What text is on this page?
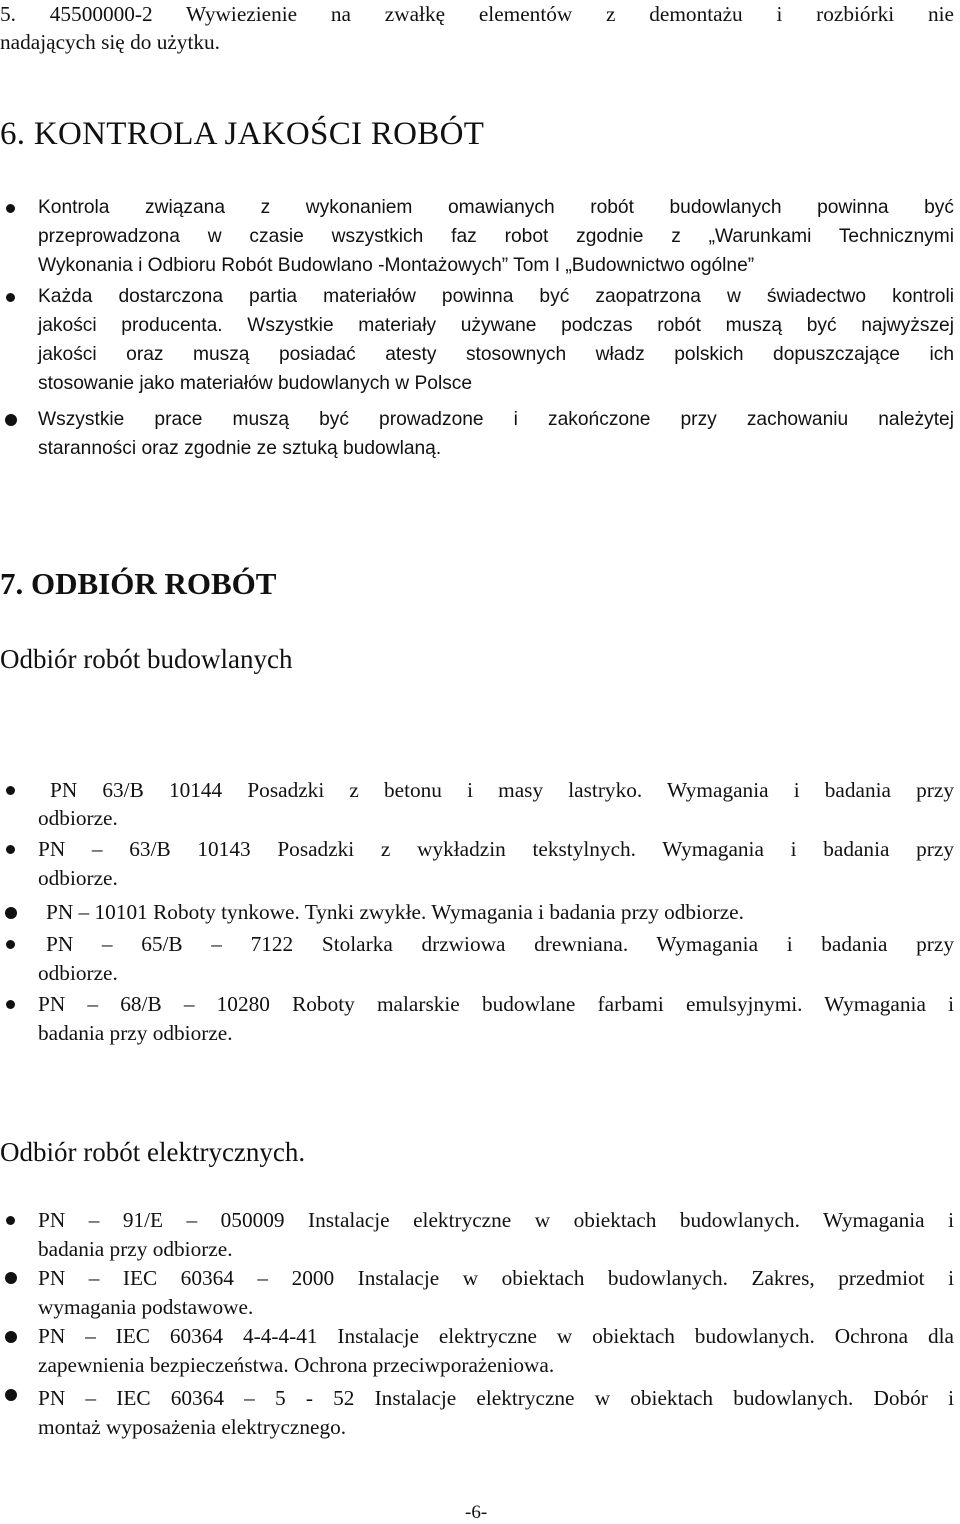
5. 45500000-2 Wywiezienie na zwałkę elementów z demontażu i rozbiórki nie
nadających się do użytku.
6. KONTROLA JAKOŚCI ROBÓT
Kontrola związana z wykonaniem omawianych robót budowlanych powinna być
przeprowadzona w czasie wszystkich faz robot zgodnie z „Warunkami Technicznymi
Wykonania i Odbioru Robót Budowlano -Montażowych” Tom I „Budownictwo ogólne”
Każda dostarczona partia materiałów powinna być zaopatrzona w świadectwo kontroli
jakości producenta. Wszystkie materiały używane podczas robót muszą być najwyższej
jakości oraz muszą posiadać atesty stosownych władz polskich dopuszczające ich
stosowanie jako materiałów budowlanych w Polsce
Wszystkie prace muszą być prowadzone i zakończone przy zachowaniu należytej
staranności oraz zgodnie ze sztuką budowlaną.
7. ODBIÓR ROBÓT
Odbiór robót budowlanych
PN 63/B 10144 Posadzki z betonu i masy lastryko. Wymagania i badania przy
odbiorze.
PN – 63/B 10143 Posadzki z wykładzin tekstylnych. Wymagania i badania przy
odbiorze.
PN – 10101 Roboty tynkowe. Tynki zwykłe. Wymagania i badania przy odbiorze.
PN – 65/B – 7122 Stolarka drzwiowa drewniana. Wymagania i badania przy
odbiorze.
PN – 68/B – 10280 Roboty malarskie budowlane farbami emulsyjnymi. Wymagania i
badania przy odbiorze.
Odbiór robót elektrycznych.
PN – 91/E – 050009 Instalacje elektryczne w obiektach budowlanych. Wymagania i
badania przy odbiorze.
PN – IEC 60364 – 2000 Instalacje w obiektach budowlanych. Zakres, przedmiot i
wymagania podstawowe.
PN – IEC 60364 4-4-4-41 Instalacje elektryczne w obiektach budowlanych. Ochrona dla
zapewnienia bezpieczeństwa. Ochrona przeciwporażeniowa.
PN – IEC 60364 – 5 - 52 Instalacje elektryczne w obiektach budowlanych. Dobór i
montaż wyposażenia elektrycznego.
-6-
